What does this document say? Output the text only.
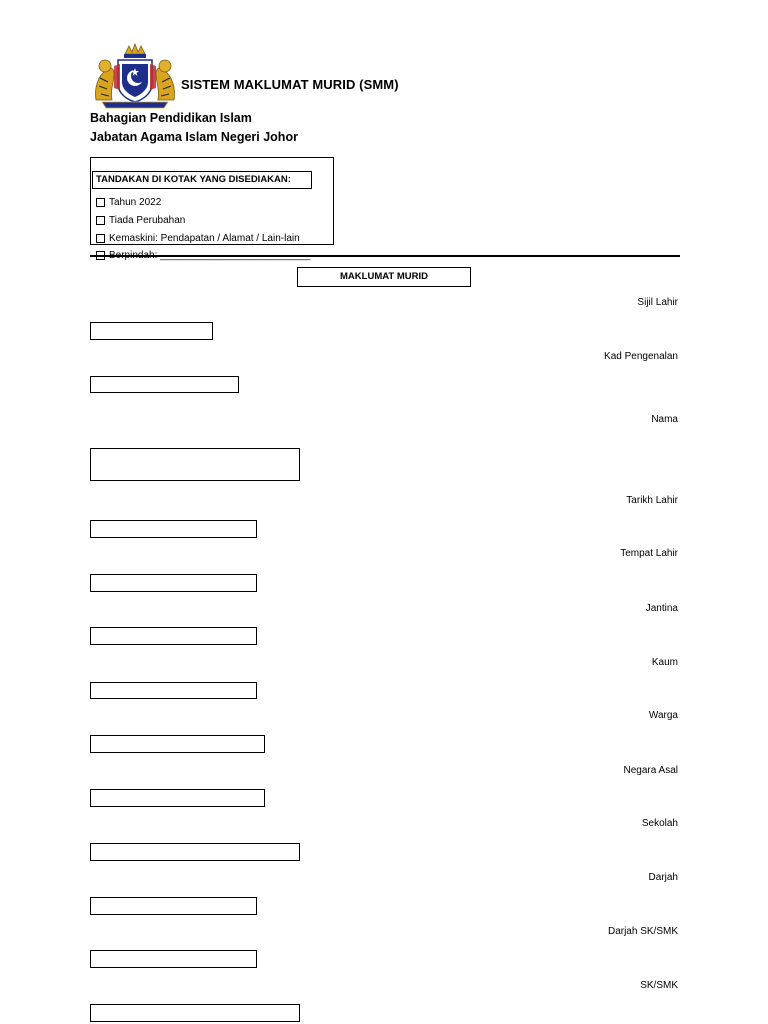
SISTEM MAKLUMAT MURID (SMM)
Bahagian Pendidikan Islam
Jabatan Agama Islam Negeri Johor
TANDAKAN DI KOTAK YANG DISEDIAKAN:
Tahun 2022
Tiada Perubahan
Kemaskini: Pendapatan / Alamat / Lain-lain
Berpindah: ___________________________
MAKLUMAT MURID
Sijil Lahir
Kad Pengenalan
Nama
Tarikh Lahir
Tempat Lahir
Jantina
Kaum
Warga
Negara Asal
Sekolah
Darjah
Darjah SK/SMK
SK/SMK
